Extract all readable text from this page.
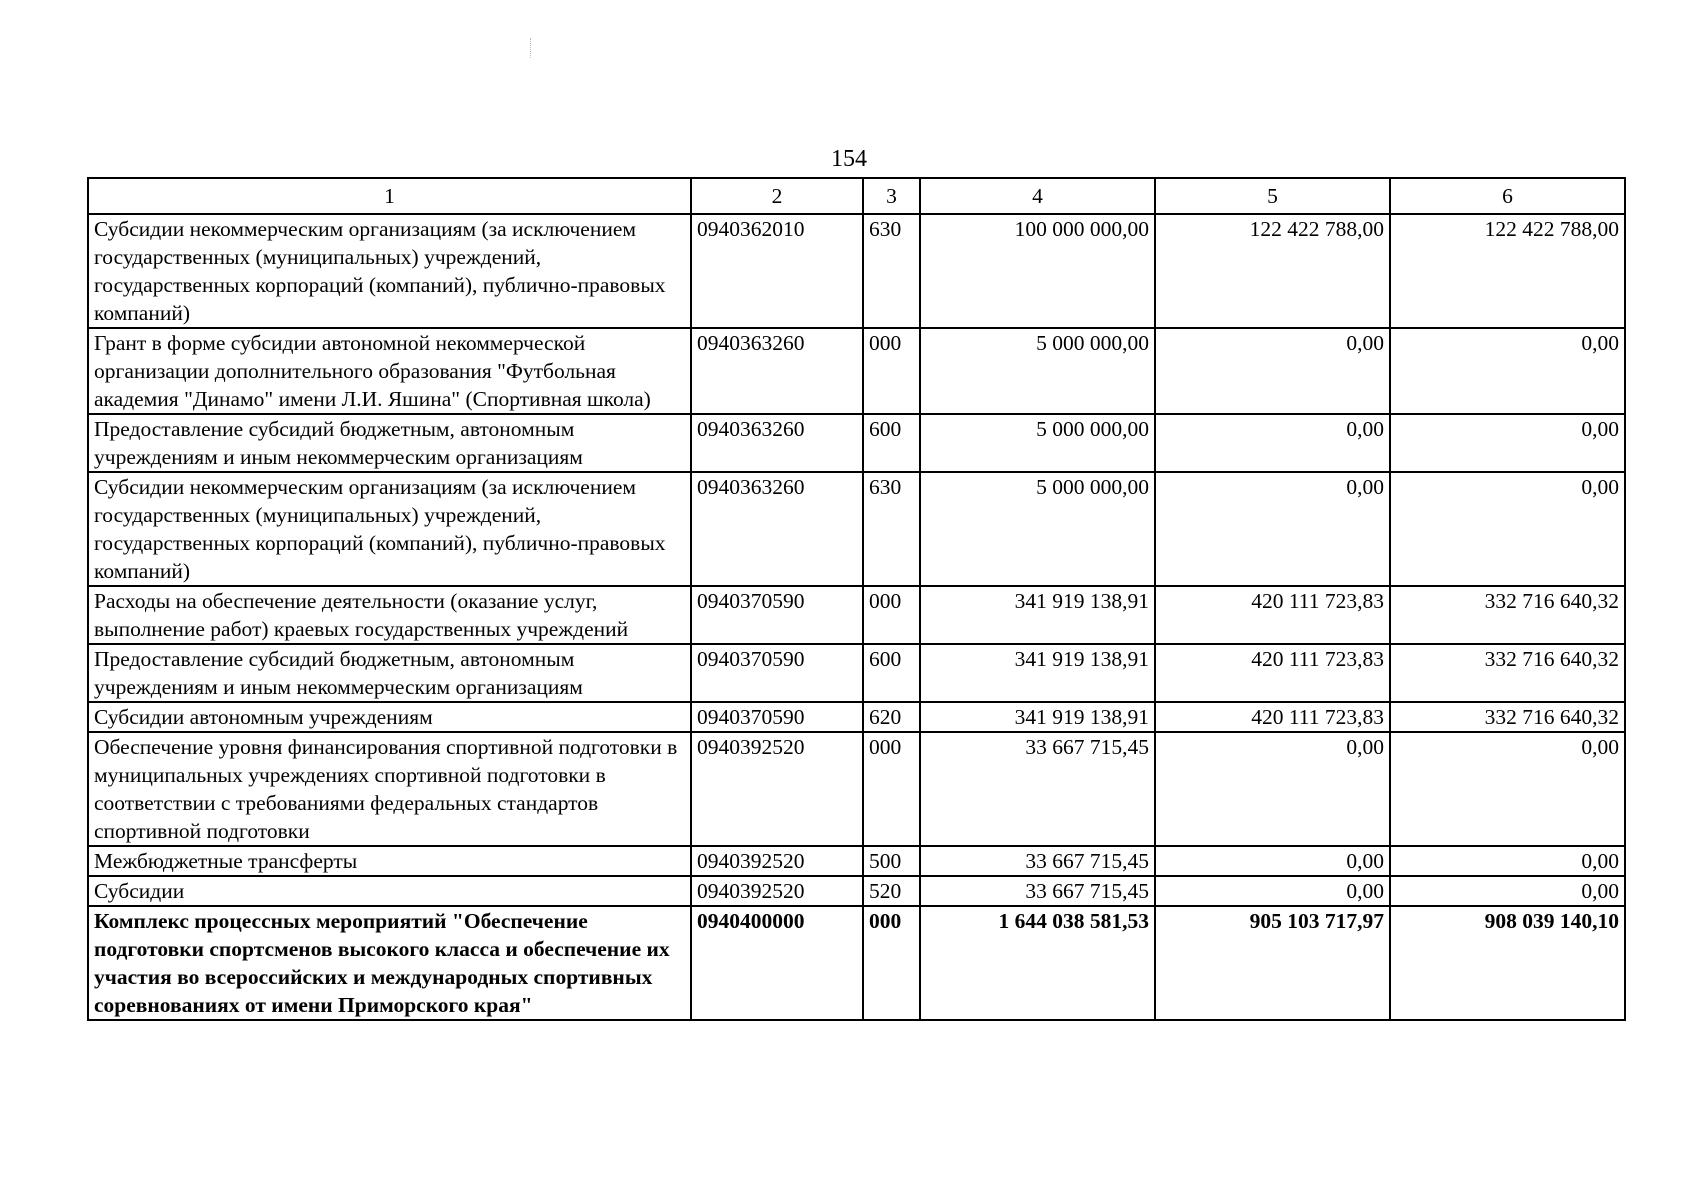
154
1	2	3	4	5	6
Субсидии некоммерческим организациям (за исключением государственных (муниципальных) учреждений, государственных корпораций (компаний), публично-правовых компаний)	0940362010	630	100 000 000,00	122 422 788,00	122 422 788,00
Грант в форме субсидии автономной некоммерческой организации дополнительного образования "Футбольная академия "Динамо" имени Л.И. Яшина" (Спортивная школа)	0940363260	000	5 000 000,00	0,00	0,00
Предоставление субсидий бюджетным, автономным учреждениям и иным некоммерческим организациям	0940363260	600	5 000 000,00	0,00	0,00
Субсидии некоммерческим организациям (за исключением государственных (муниципальных) учреждений, государственных корпораций (компаний), публично-правовых компаний)	0940363260	630	5 000 000,00	0,00	0,00
Расходы на обеспечение деятельности (оказание услуг, выполнение работ) краевых государственных учреждений	0940370590	000	341 919 138,91	420 111 723,83	332 716 640,32
Предоставление субсидий бюджетным, автономным учреждениям и иным некоммерческим организациям	0940370590	600	341 919 138,91	420 111 723,83	332 716 640,32
Субсидии автономным учреждениям	0940370590	620	341 919 138,91	420 111 723,83	332 716 640,32
Обеспечение уровня финансирования спортивной подготовки в муниципальных учреждениях спортивной подготовки в соответствии с требованиями федеральных стандартов спортивной подготовки	0940392520	000	33 667 715,45	0,00	0,00
Межбюджетные трансферты	0940392520	500	33 667 715,45	0,00	0,00
Субсидии	0940392520	520	33 667 715,45	0,00	0,00
Комплекс процессных мероприятий "Обеспечение подготовки спортсменов высокого класса и обеспечение их участия во всероссийских и международных спортивных соревнованиях от имени Приморского края"	0940400000	000	1 644 038 581,53	905 103 717,97	908 039 140,10
